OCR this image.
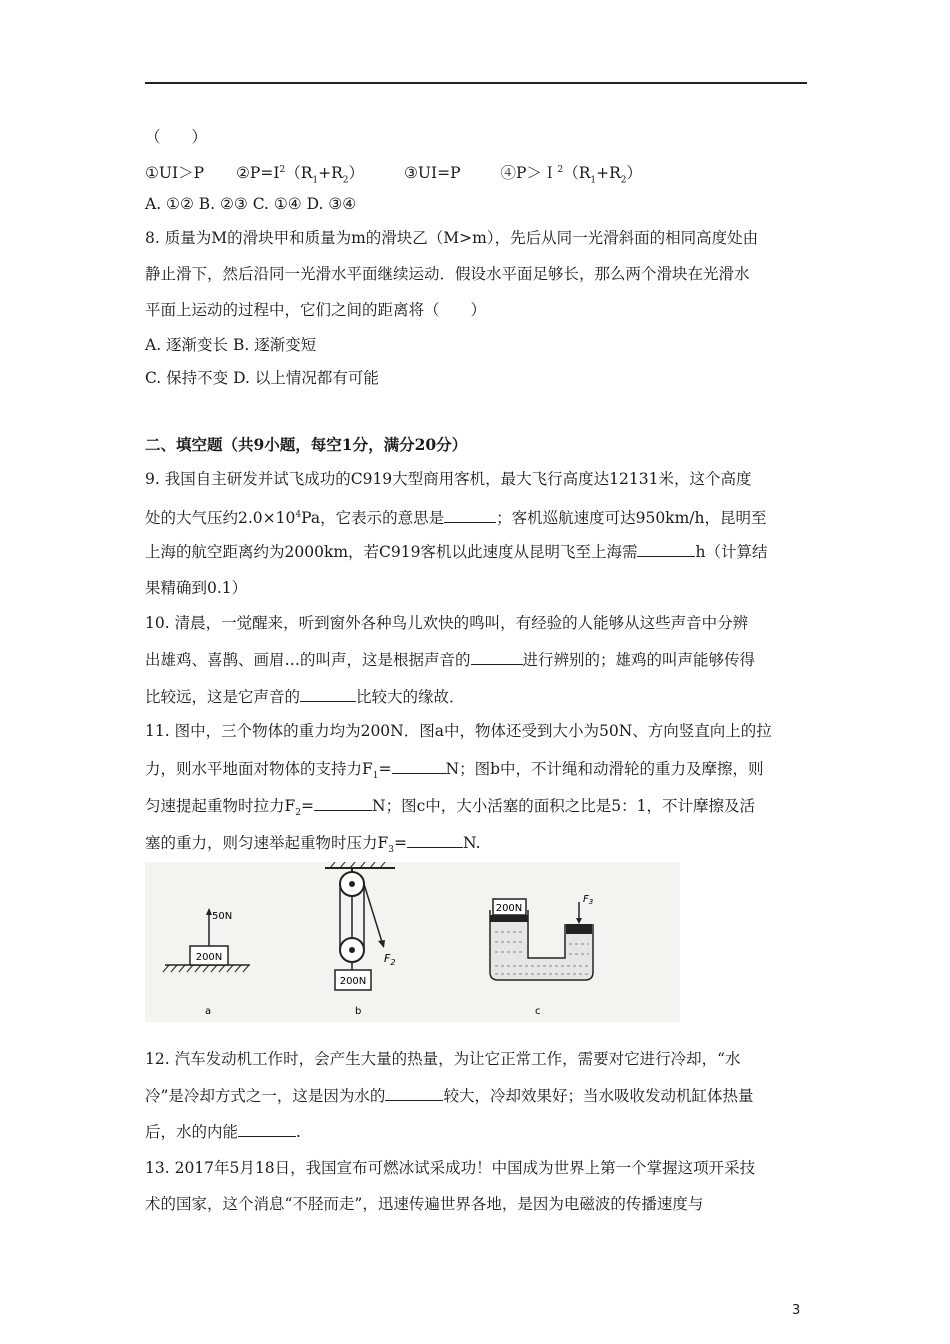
（　　）
①UI＞P $②P=I^2(R_1+R_2)$	③UI=P	$④P>I^2(R_1+R_2)$
A. ①② B. ②③ C. ①④ D. ③④
8. 质量为M的滑块甲和质量为m的滑块乙（M>m），先后从同一光滑斜面的相同高度处由
静止滑下，然后沿同一光滑水平面继续运动．假设水平面足够长，那么两个滑块在光滑水
平面上运动的过程中，它们之间的距离将（　　）
A. 逐渐变长 B. 逐渐变短
C. 保持不变 D. 以上情况都有可能
二、填空题（共9小题，每空1分，满分20分）
9. 我国自主研发并试飞成功的C919大型商用客机，最大飞行高度达12131米，这个高度
处的大气压约$2.0\times 10^4Pa$，它表示的意思是	；客机巡航速度可达950km/h，昆明至
上海的航空距离约为2000km，若C919客机以此速度从昆明飞至上海需	h（计算结
果精确到0.1）
10. 清晨，一觉醒来，听到窗外各种鸟儿欢快的鸣叫，有经验的人能够从这些声音中分辨
出雄鸡、喜鹊、画眉…的叫声，这是根据声音的	进行辨别的；雄鸡的叫声能够传得
比较远，这是它声音的	比较大的缘故．
11. 图中，三个物体的重力均为200N．图a中，物体还受到大小为50N、方向竖直向上的拉
力，则水平地面对物体的支持力$F_1=$	N；图b中，不计绳和动滑轮的重力及摩擦，则
匀速提起重物时拉力$F_2=$	N；图c中，大小活塞的面积之比是5：1，不计摩擦及活
塞的重力，则匀速举起重物时压力$F_3=$	N.
200N
50N
a
$F_2$
200N
b
200N
$F_3$
c
12. 汽车发动机工作时，会产生大量的热量，为让它正常工作，需要对它进行冷却，“水
冷”是冷却方式之一，这是因为水的	较大，冷却效果好；当水吸收发动机缸体热量
后，水的内能	.
13. 2017年5月18日，我国宣布可燃冰试采成功！中国成为世界上第一个掌握这项开采技
术的国家，这个消息“不胫而走”，迅速传遍世界各地，是因为电磁波的传播速度与
3
